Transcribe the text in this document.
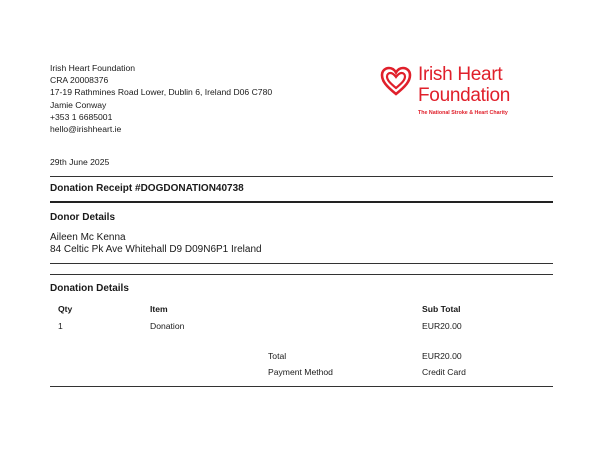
Irish Heart Foundation
CRA 20008376
17-19 Rathmines Road Lower, Dublin 6, Ireland D06 C780
Jamie Conway
+353 1 6685001
hello@irishheart.ie
Irish Heart
Foundation
The National Stroke & Heart Charity
29th June 2025
Donation Receipt #DOGDONATION40738
Donor Details
Aileen Mc Kenna
84 Celtic Pk Ave Whitehall D9 D09N6P1 Ireland
Donation Details
Qty	Item	Sub Total
1	Donation	EUR20.00
Total	EUR20.00
Payment Method	Credit Card
